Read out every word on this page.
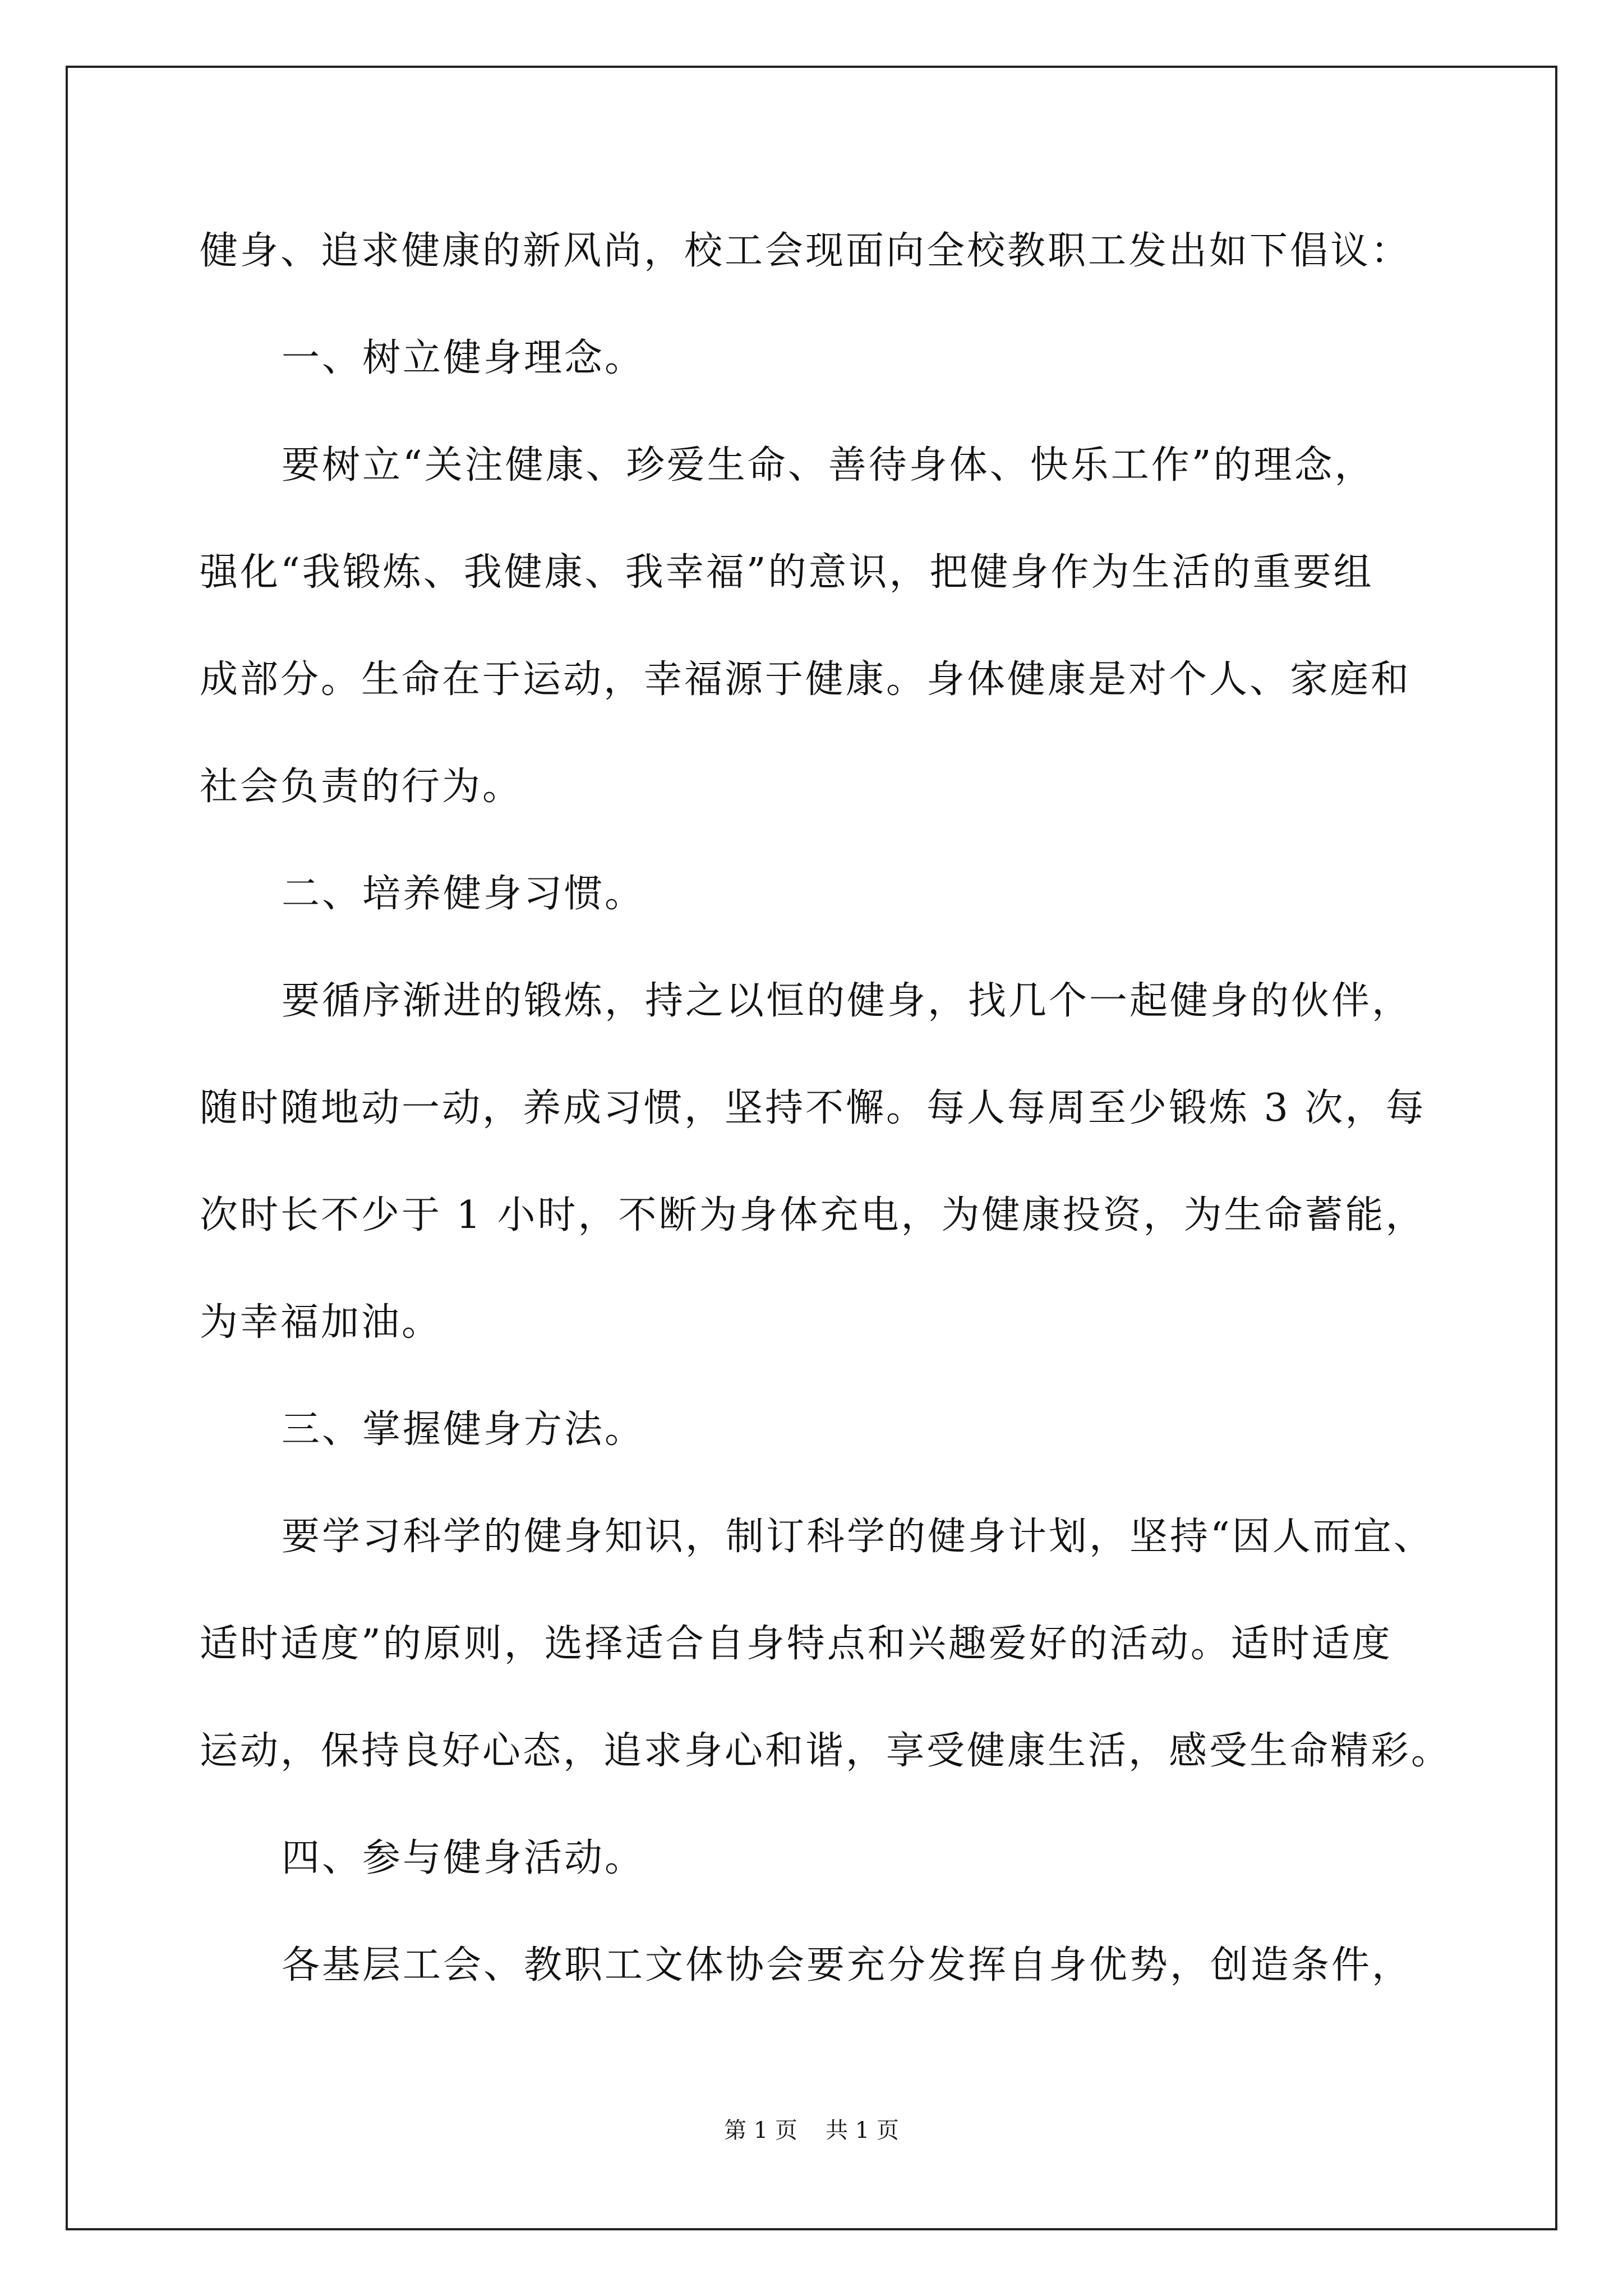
健身、追求健康的新风尚，校工会现面向全校教职工发出如下倡议：
一、树立健身理念。
要树立“关注健康、珍爱生命、善待身体、快乐工作”的理念，
强化“我锻炼、我健康、我幸福”的意识，把健身作为生活的重要组
成部分。生命在于运动，幸福源于健康。身体健康是对个人、家庭和
社会负责的行为。
二、培养健身习惯。
要循序渐进的锻炼，持之以恒的健身，找几个一起健身的伙伴，
随时随地动一动，养成习惯，坚持不懈。每人每周至少锻炼 3 次，每
次时长不少于 1 小时，不断为身体充电，为健康投资，为生命蓄能，
为幸福加油。
三、掌握健身方法。
要学习科学的健身知识，制订科学的健身计划，坚持“因人而宜、
适时适度”的原则，选择适合自身特点和兴趣爱好的活动。适时适度
运动，保持良好心态，追求身心和谐，享受健康生活，感受生命精彩。
四、参与健身活动。
各基层工会、教职工文体协会要充分发挥自身优势，创造条件，
第 1 页 共 1 页
